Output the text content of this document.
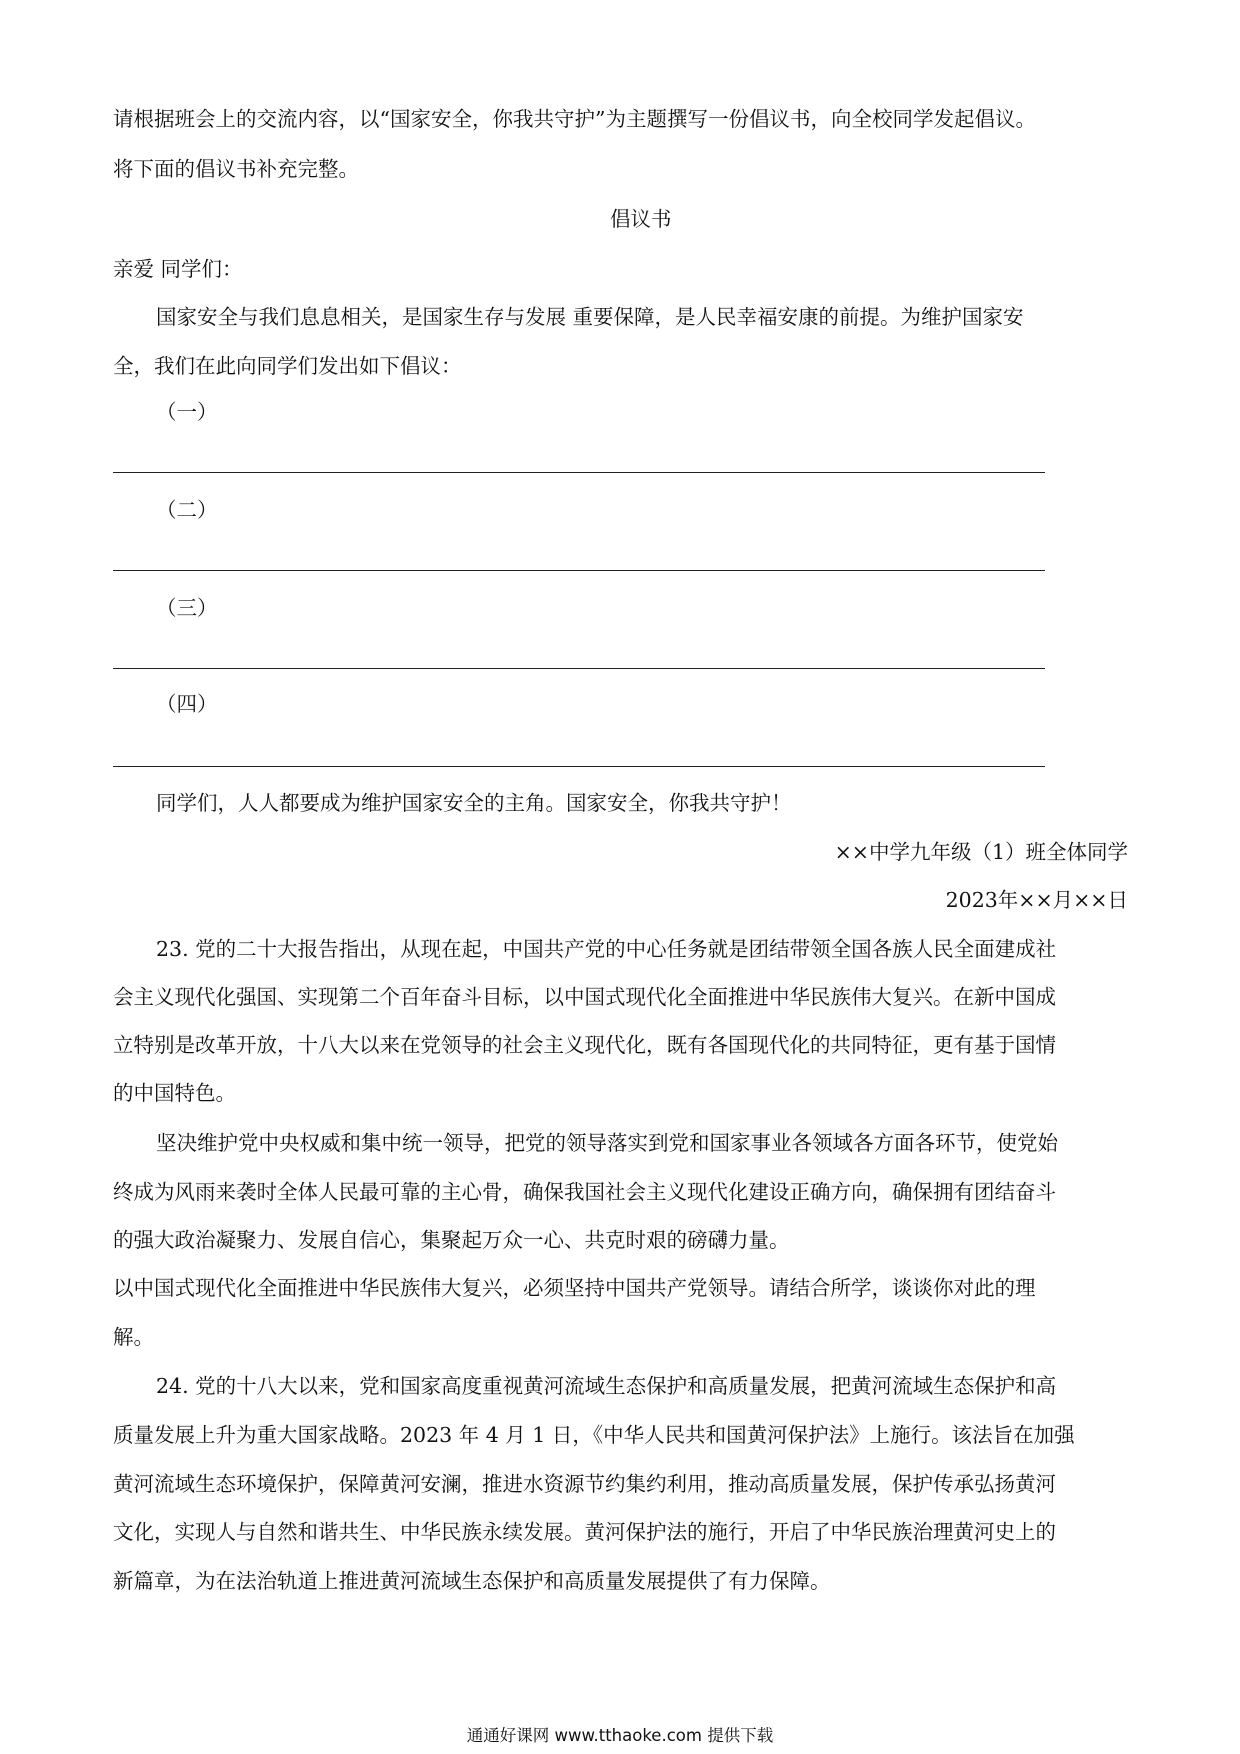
请根据班会上的交流内容，以“国家安全，你我共守护”为主题撰写一份倡议书，向全校同学发起倡议。

将下面的倡议书补充完整。

倡议书

亲爱 同学们：

国家安全与我们息息相关，是国家生存与发展 重要保障，是人民幸福安康的前提。为维护国家安

全，我们在此向同学们发出如下倡议：

（一）

（二）

（三）

（四）

同学们，人人都要成为维护国家安全的主角。国家安全，你我共守护！

××中学九年级（1）班全体同学

2023年××月××日

23. 党的二十大报告指出，从现在起，中国共产党的中心任务就是团结带领全国各族人民全面建成社

会主义现代化强国、实现第二个百年奋斗目标，以中国式现代化全面推进中华民族伟大复兴。在新中国成

立特别是改革开放，十八大以来在党领导的社会主义现代化，既有各国现代化的共同特征，更有基于国情

的中国特色。

坚决维护党中央权威和集中统一领导，把党的领导落实到党和国家事业各领域各方面各环节，使党始

终成为风雨来袭时全体人民最可靠的主心骨，确保我国社会主义现代化建设正确方向，确保拥有团结奋斗

的强大政治凝聚力、发展自信心，集聚起万众一心、共克时艰的磅礴力量。

以中国式现代化全面推进中华民族伟大复兴，必须坚持中国共产党领导。请结合所学，谈谈你对此的理

解。

24. 党的十八大以来，党和国家高度重视黄河流域生态保护和高质量发展，把黄河流域生态保护和高

质量发展上升为重大国家战略。2023 年 4 月 1 日，《中华人民共和国黄河保护法》上施行。该法旨在加强

黄河流域生态环境保护，保障黄河安澜，推进水资源节约集约利用，推动高质量发展，保护传承弘扬黄河

文化，实现人与自然和谐共生、中华民族永续发展。黄河保护法的施行，开启了中华民族治理黄河史上的

新篇章，为在法治轨道上推进黄河流域生态保护和高质量发展提供了有力保障。

通通好课网 www.tthaoke.com 提供下载
